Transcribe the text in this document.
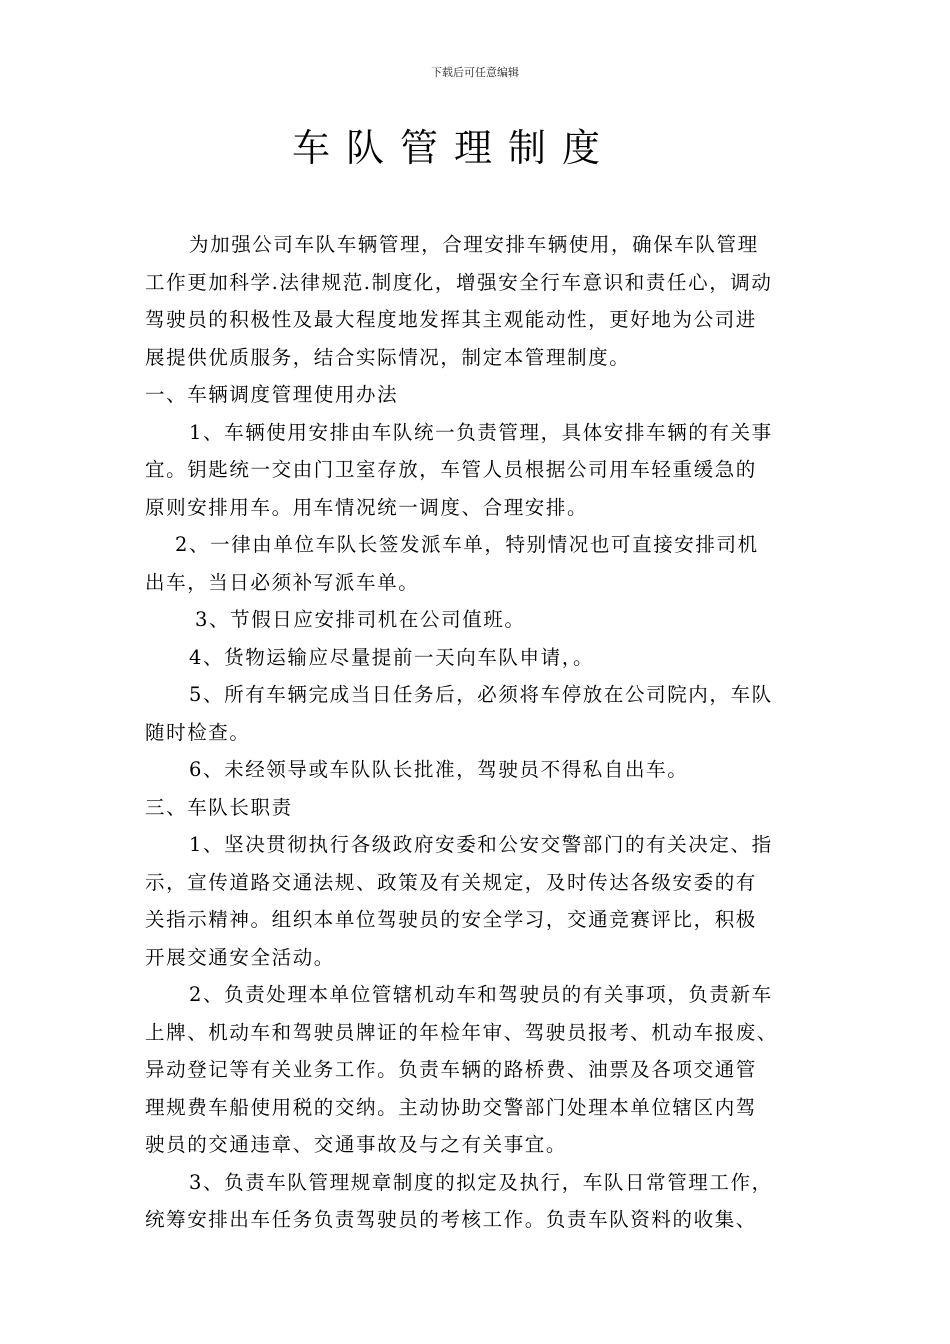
下载后可任意编辑
车队管理制度

为加强公司车队车辆管理，合理安排车辆使用，确保车队管理

工作更加科学.法律规范.制度化，增强安全行车意识和责任心，调动

驾驶员的积极性及最大程度地发挥其主观能动性，更好地为公司进

展提供优质服务，结合实际情况，制定本管理制度。

一、车辆调度管理使用办法

1、车辆使用安排由车队统一负责管理，具体安排车辆的有关事

宜。钥匙统一交由门卫室存放，车管人员根据公司用车轻重缓急的

原则安排用车。用车情况统一调度、合理安排。

2、一律由单位车队长签发派车单，特别情况也可直接安排司机

出车，当日必须补写派车单。

3、节假日应安排司机在公司值班。

4、货物运输应尽量提前一天向车队申请，。

5、所有车辆完成当日任务后，必须将车停放在公司院内，车队

随时检查。

6、未经领导或车队队长批准，驾驶员不得私自出车。

三、车队长职责

1、坚决贯彻执行各级政府安委和公安交警部门的有关决定、指

示，宣传道路交通法规、政策及有关规定，及时传达各级安委的有

关指示精神。组织本单位驾驶员的安全学习，交通竞赛评比，积极

开展交通安全活动。

2、负责处理本单位管辖机动车和驾驶员的有关事项，负责新车

上牌、机动车和驾驶员牌证的年检年审、驾驶员报考、机动车报废、

异动登记等有关业务工作。负责车辆的路桥费、油票及各项交通管

理规费车船使用税的交纳。主动协助交警部门处理本单位辖区内驾

驶员的交通违章、交通事故及与之有关事宜。

3、负责车队管理规章制度的拟定及执行，车队日常管理工作，

统筹安排出车任务负责驾驶员的考核工作。负责车队资料的收集、
